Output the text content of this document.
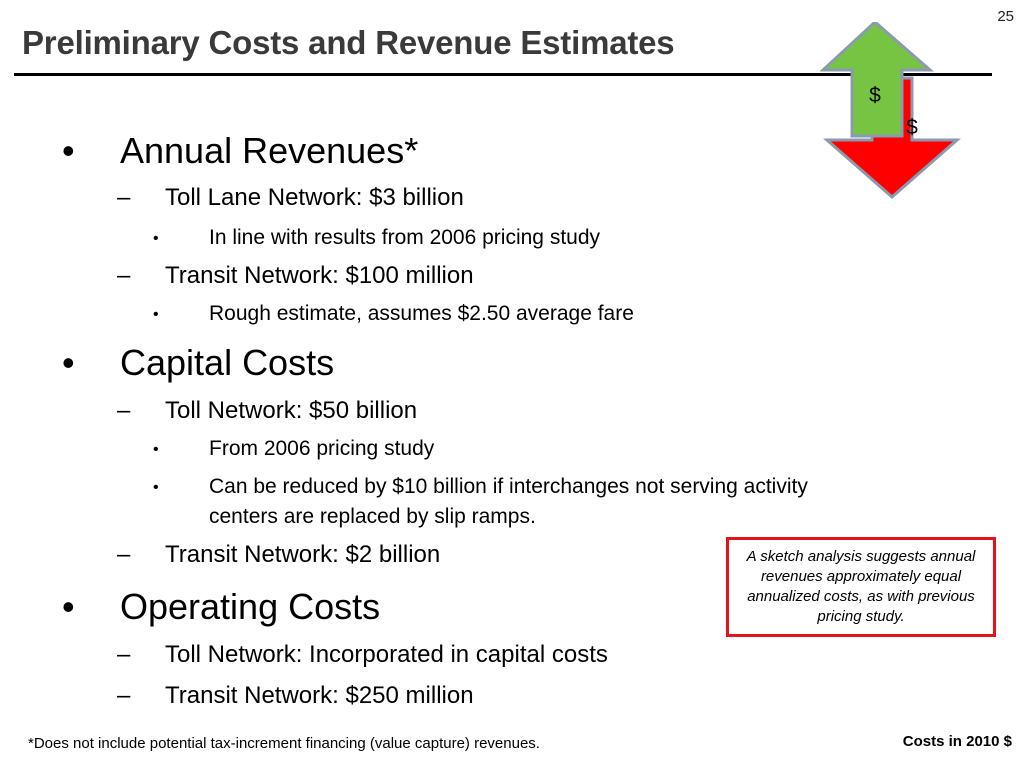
25
Preliminary Costs and Revenue Estimates
$
$
• Annual Revenues*
– Toll Lane Network: $3 billion
• In line with results from 2006 pricing study
– Transit Network: $100 million
• Rough estimate, assumes $2.50 average fare
• Capital Costs
– Toll Network: $50 billion
• From 2006 pricing study
• Can be reduced by $10 billion if interchanges not serving activity
centers are replaced by slip ramps.
– Transit Network: $2 billion
• Operating Costs
– Toll Network: Incorporated in capital costs
– Transit Network: $250 million
A sketch analysis suggests annual revenues approximately equal annualized costs, as with previous pricing study.
*Does not include potential tax-increment financing (value capture) revenues.	Costs in 2010 $
